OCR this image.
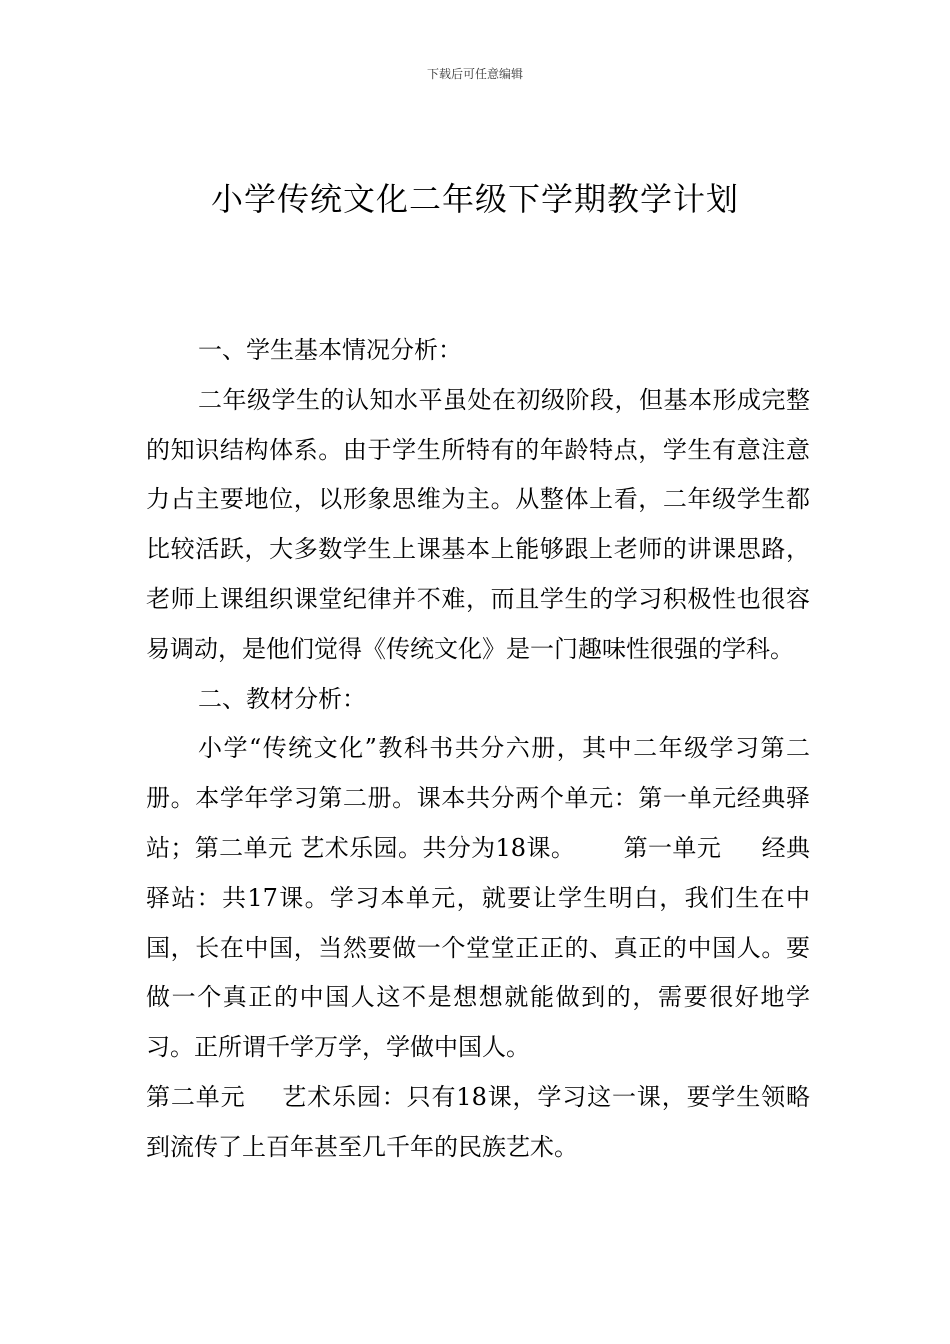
下载后可任意编辑
小学传统文化二年级下学期教学计划

一、学生基本情况分析：

二年级学生的认知水平虽处在初级阶段，但基本形成完整的知识结构体系。由于学生所特有的年龄特点，学生有意注意力占主要地位，以形象思维为主。从整体上看，二年级学生都比较活跃，大多数学生上课基本上能够跟上老师的讲课思路，老师上课组织课堂纪律并不难，而且学生的学习积极性也很容易调动，是他们觉得《传统文化》是一门趣味性很强的学科。

二、教材分析：

小学“传统文化”教科书共分六册，其中二年级学习第二册。本学年学习第二册。课本共分两个单元：第一单元经典驿站；第二单元 艺术乐园。共分为18课。 第一单元 经典驿站：共17课。学习本单元，就要让学生明白，我们生在中国，长在中国，当然要做一个堂堂正正的、真正的中国人。要做一个真正的中国人这不是想想就能做到的，需要很好地学习。正所谓千学万学，学做中国人。

第二单元 艺术乐园：只有18课，学习这一课，要学生领略到流传了上百年甚至几千年的民族艺术。
